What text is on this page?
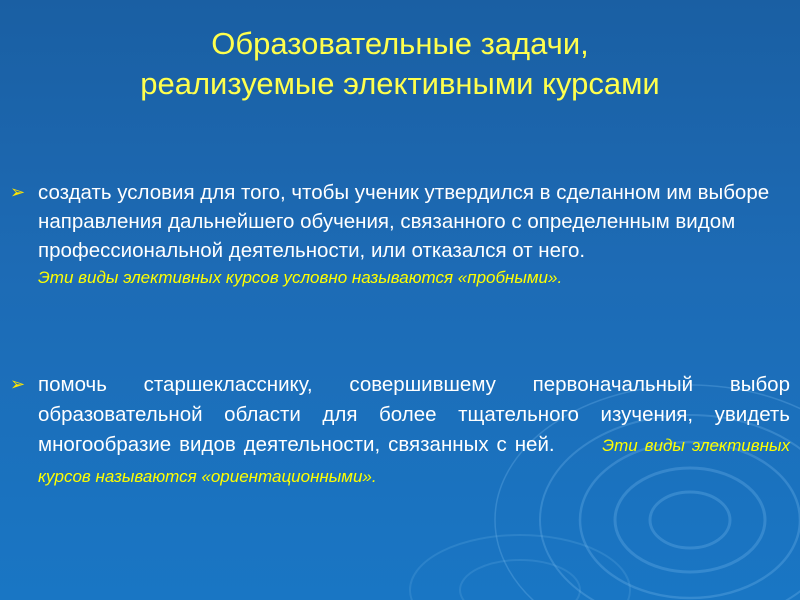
Образовательные задачи,
реализуемые элективными курсами
➢ создать условия для того, чтобы ученик утвердился в сделанном им выборе направления дальнейшего обучения, связанного с определенным видом профессиональной деятельности, или отказался от него.
Эти виды элективных курсов условно называются «пробными».
➢ помочь старшекласснику, совершившему первоначальный выбор образовательной области для более тщательного изучения, увидеть многообразие видов деятельности, связанных с ней.	Эти виды элективных курсов называются «ориентационными».
